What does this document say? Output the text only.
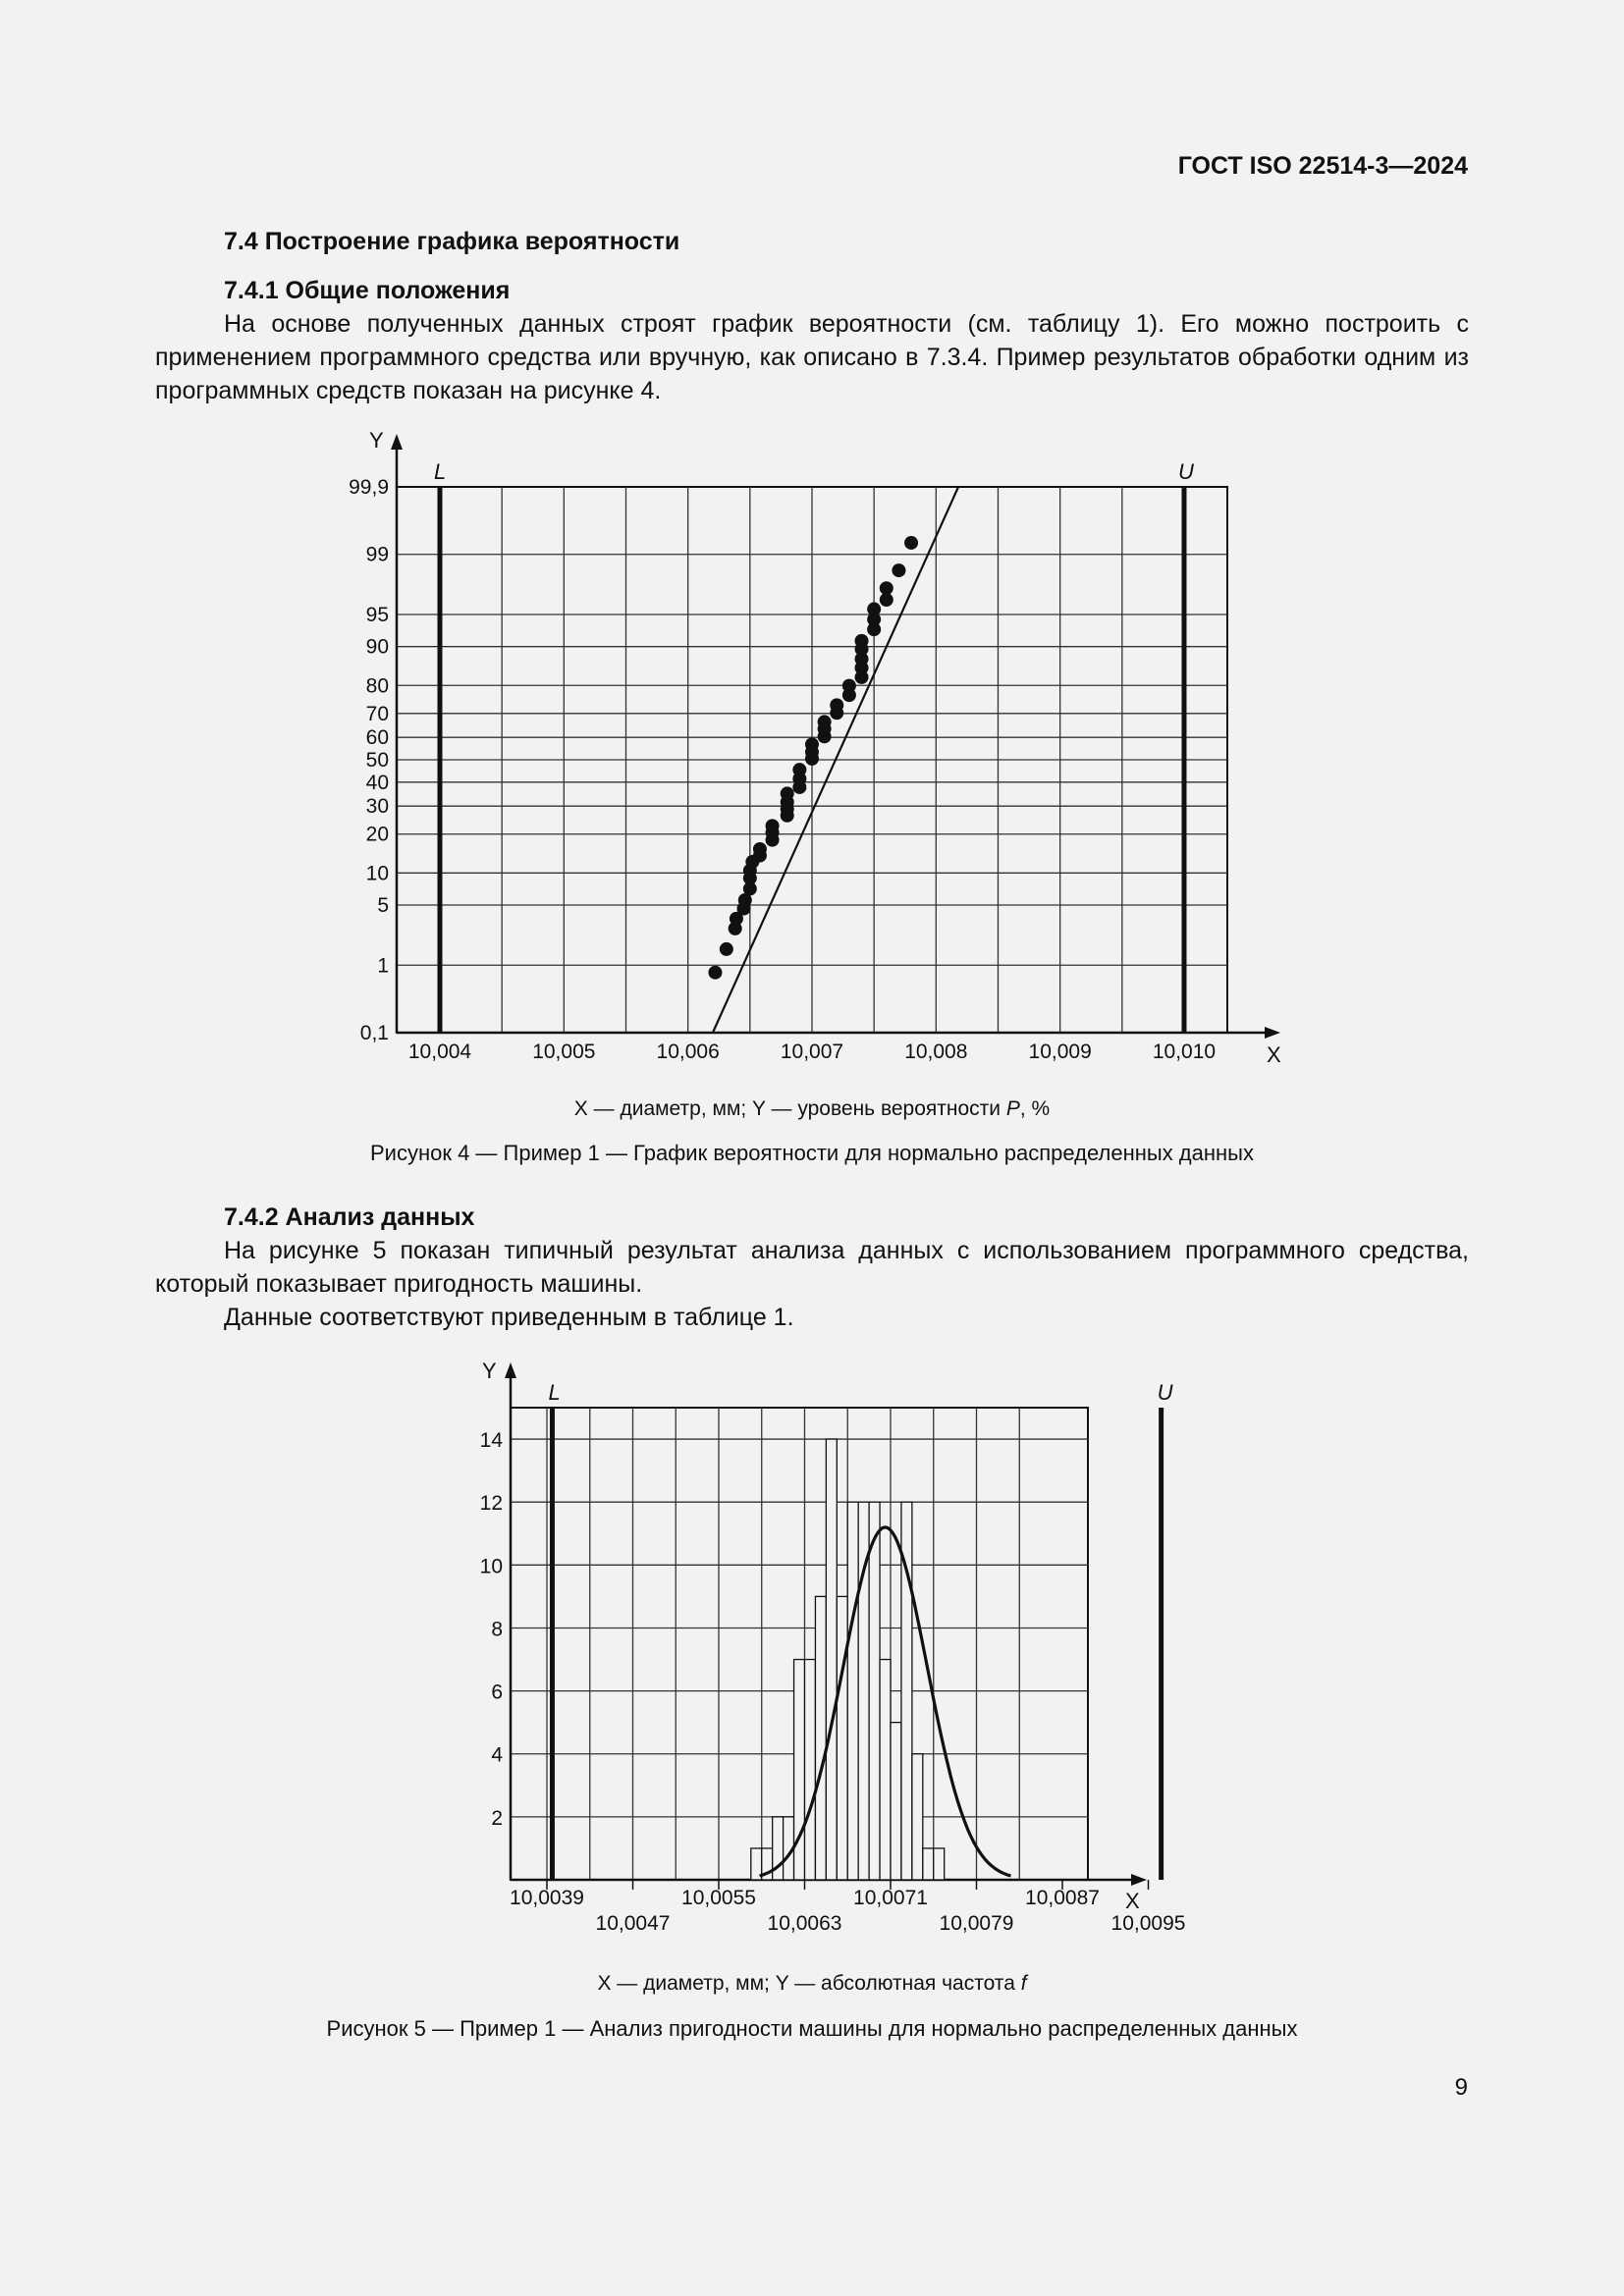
ГОСТ ISO 22514-3—2024
7.4 Построение графика вероятности
7.4.1 Общие положения

На основе полученных данных строят график вероятности (см. таблицу 1). Его можно построить с применением программного средства или вручную, как описано в 7.3.4. Пример результатов обработки одним из программных средств показан на рисунке 4.

0,1
1
5
10
20
30
40
50
60
70
80
90
95
99
99,9
10,004	10,005	10,006	10,007	10,008	10,009	10,010 X
Y
L	U
X — диаметр, мм; Y — уровень вероятности P, %
Рисунок 4 — Пример 1 — График вероятности для нормально распределенных данных
7.4.2 Анализ данных

На рисунке 5 показан типичный результат анализа данных с использованием программного средства, который показывает пригодность машины.

Данные соответствуют приведенным в таблице 1.

2
4
6
8
10
12
14
10,0039	10,0055	10,0071	10,0087
10,0047	10,0063	10,0079	10,0095
X
Y
L	U
X — диаметр, мм; Y — абсолютная частота f
Рисунок 5 — Пример 1 — Анализ пригодности машины для нормально распределенных данных
9
